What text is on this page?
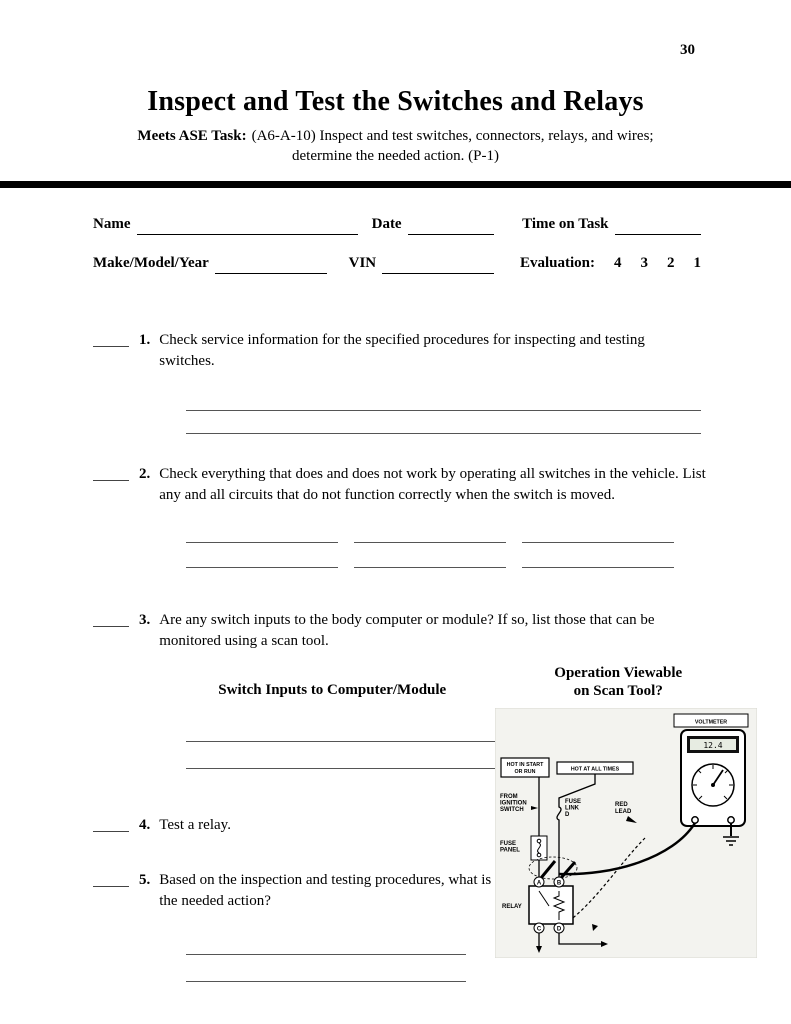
30
Inspect and Test the Switches and Relays
Meets ASE Task: (A6-A-10) Inspect and test switches, connectors, relays, and wires;
determine the needed action. (P-1)
Name	Date	Time on Task
Make/Model/Year	VIN	Evaluation: 4 3 2 1
1. Check service information for the specified procedures for inspecting and testing switches.

2. Check everything that does and does not work by operating all switches in the vehicle. List any and all circuits that do not function correctly when the switch is moved.

3. Are any switch inputs to the body computer or module? If so, list those that can be monitored using a scan tool.

Switch Inputs to Computer/Module
Operation Viewable
on Scan Tool?
4. Test a relay.

5. Based on the inspection and testing procedures, what is the needed action?

VOLTMETER
12.4
HOT IN START
OR RUN	HOT AT ALL TIMES
FROM
IGNITION
SWITCH
FUSE
PANEL
FUSE
LINK
D
RED
LEAD
RELAY
A	B
C	D
